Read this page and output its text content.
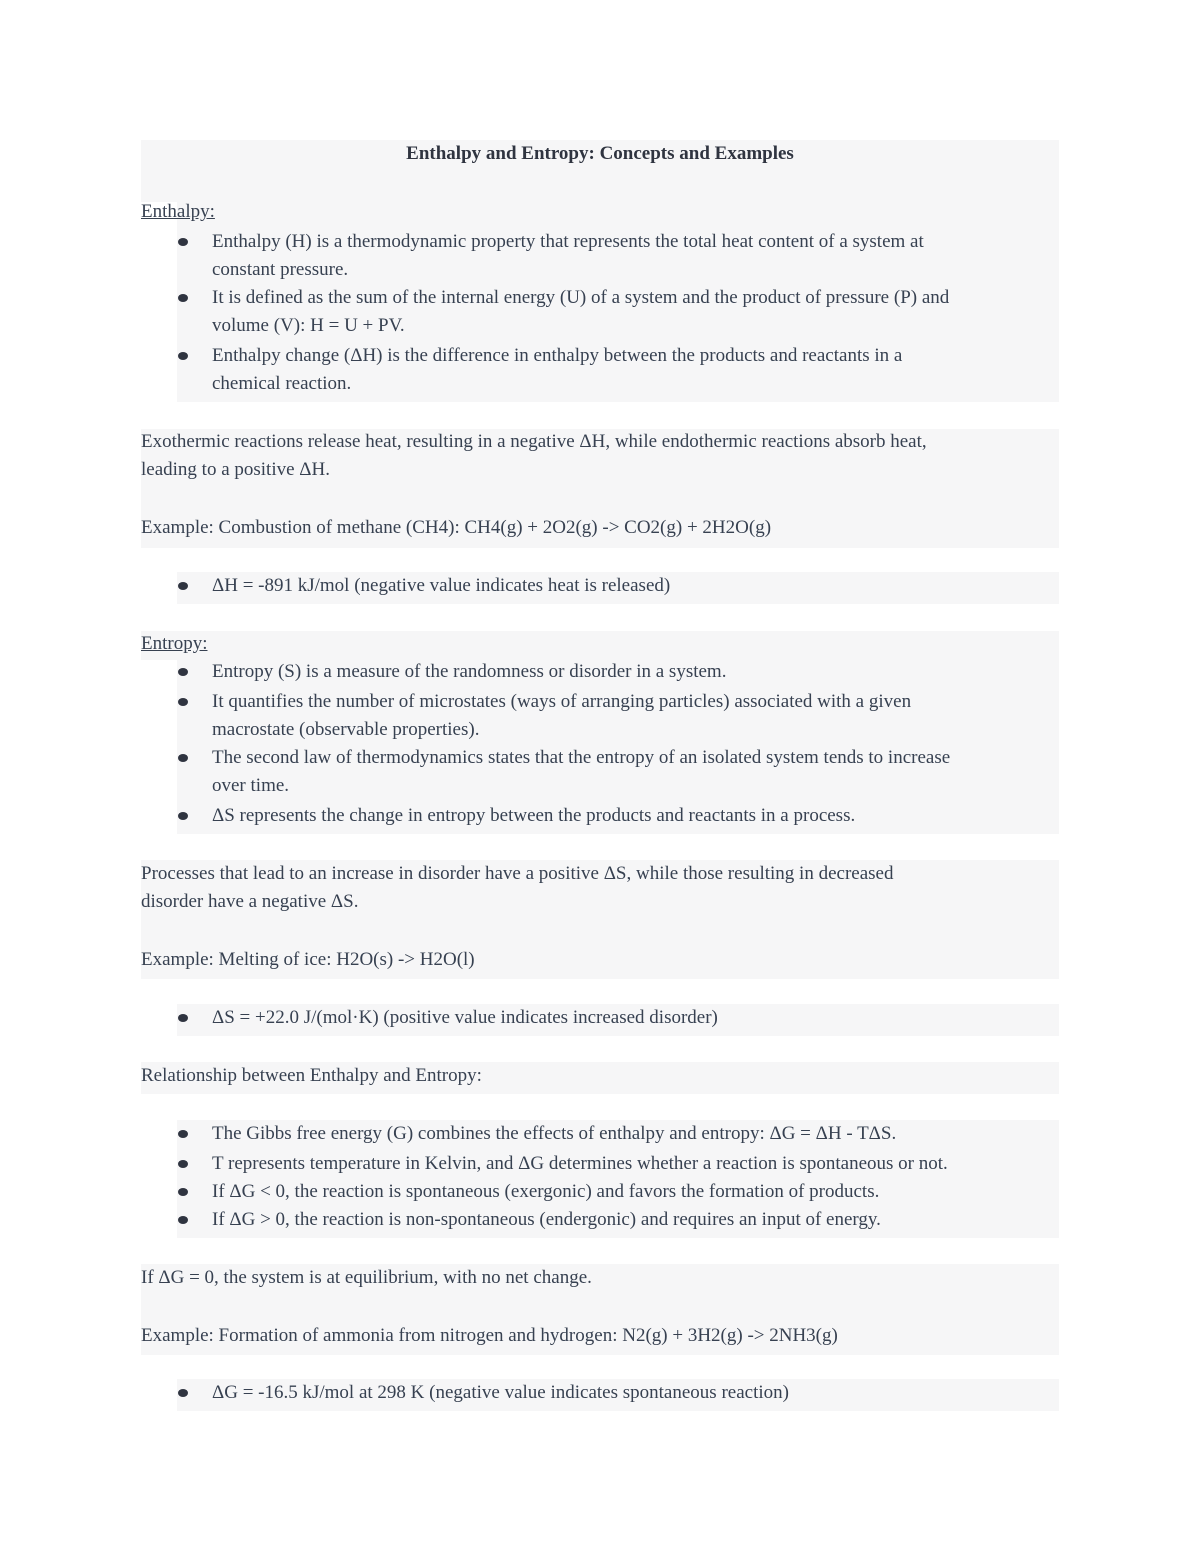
Enthalpy and Entropy: Concepts and Examples
Enthalpy:
Enthalpy (H) is a thermodynamic property that represents the total heat content of a system at
constant pressure.
It is defined as the sum of the internal energy (U) of a system and the product of pressure (P) and
volume (V): H = U + PV.
Enthalpy change (ΔH) is the difference in enthalpy between the products and reactants in a
chemical reaction.
Exothermic reactions release heat, resulting in a negative ΔH, while endothermic reactions absorb heat,
leading to a positive ΔH.
Example: Combustion of methane (CH4): CH4(g) + 2O2(g) -> CO2(g) + 2H2O(g)
ΔH = -891 kJ/mol (negative value indicates heat is released)
Entropy:
Entropy (S) is a measure of the randomness or disorder in a system.
It quantifies the number of microstates (ways of arranging particles) associated with a given
macrostate (observable properties).
The second law of thermodynamics states that the entropy of an isolated system tends to increase
over time.
ΔS represents the change in entropy between the products and reactants in a process.
Processes that lead to an increase in disorder have a positive ΔS, while those resulting in decreased
disorder have a negative ΔS.
Example: Melting of ice: H2O(s) -> H2O(l)
ΔS = +22.0 J/(mol·K) (positive value indicates increased disorder)
Relationship between Enthalpy and Entropy:
The Gibbs free energy (G) combines the effects of enthalpy and entropy: ΔG = ΔH - TΔS.
T represents temperature in Kelvin, and ΔG determines whether a reaction is spontaneous or not.
If ΔG < 0, the reaction is spontaneous (exergonic) and favors the formation of products.
If ΔG > 0, the reaction is non-spontaneous (endergonic) and requires an input of energy.
If ΔG = 0, the system is at equilibrium, with no net change.
Example: Formation of ammonia from nitrogen and hydrogen: N2(g) + 3H2(g) -> 2NH3(g)
ΔG = -16.5 kJ/mol at 298 K (negative value indicates spontaneous reaction)
